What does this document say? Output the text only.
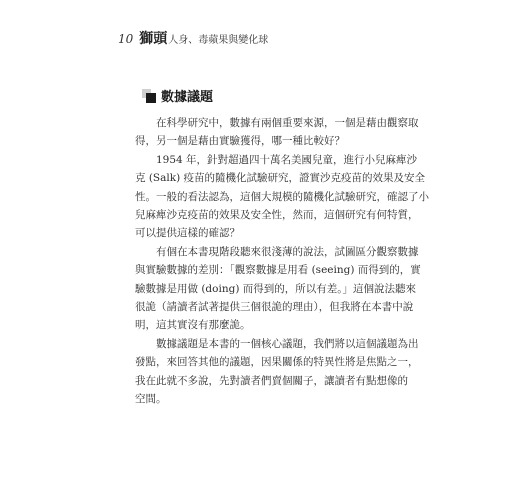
10 獅頭 人身、毒蘋果與變化球
數據議題
在科學研究中，數據有兩個重要來源，一個是藉由觀察取
得，另一個是藉由實驗獲得，哪一種比較好？
1954 年，針對超過四十萬名美國兒童，進行小兒麻痺沙
克 (Salk) 疫苗的隨機化試驗研究，證實沙克疫苗的效果及安全
性。一般的看法認為，這個大規模的隨機化試驗研究，確認了小
兒麻痺沙克疫苗的效果及安全性，然而，這個研究有何特質，
可以提供這樣的確認？
有個在本書現階段聽來很淺薄的說法，試圖區分觀察數據
與實驗數據的差別：「觀察數據是用看 (seeing) 而得到的，實
驗數據是用做 (doing) 而得到的，所以有差。」這個說法聽來
很詭（請讀者試著提供三個很詭的理由），但我將在本書中說
明，這其實沒有那麼詭。
數據議題是本書的一個核心議題，我們將以這個議題為出
發點，來回答其他的議題，因果關係的特異性將是焦點之一，
我在此就不多說，先對讀者們賣個關子，讓讀者有點想像的
空間。
